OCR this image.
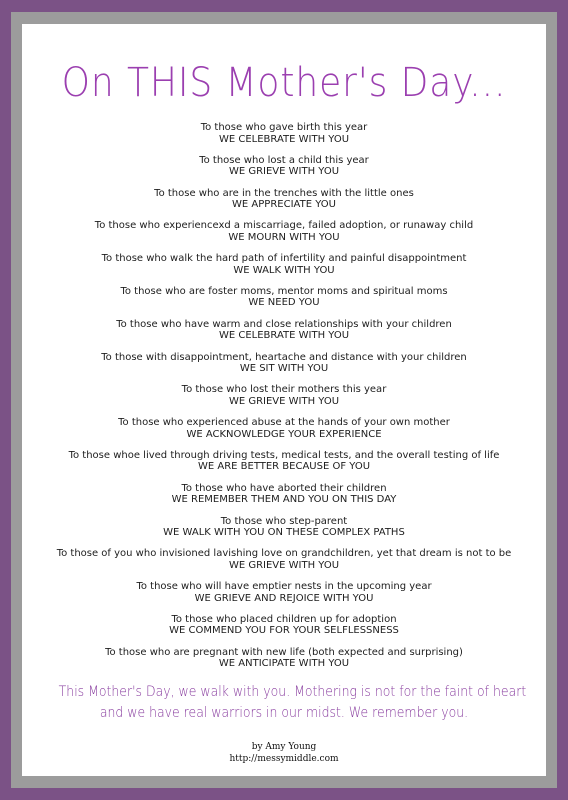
On THIS Mother's Day...
To those who gave birth this year
WE CELEBRATE WITH YOU
To those who lost a child this year
WE GRIEVE WITH YOU
To those who are in the trenches with the little ones
WE APPRECIATE YOU
To those who experiencexd a miscarriage, failed adoption, or runaway child
WE MOURN WITH YOU
To those who walk the hard path of infertility and painful disappointment
WE WALK WITH YOU
To those who are foster moms, mentor moms and spiritual moms
WE NEED YOU
To those who have warm and close relationships with your children
WE CELEBRATE WITH YOU
To those with disappointment, heartache and distance with your children
WE SIT WITH YOU
To those who lost their mothers this year
WE GRIEVE WITH YOU
To those who experienced abuse at the hands of your own mother
WE ACKNOWLEDGE YOUR EXPERIENCE
To those whoe lived through driving tests, medical tests, and the overall testing of life
WE ARE BETTER BECAUSE OF YOU
To those who have aborted their children
WE REMEMBER THEM AND YOU ON THIS DAY
To those who step-parent
WE WALK WITH YOU ON THESE COMPLEX PATHS
To those of you who invisioned lavishing love on grandchildren, yet that dream is not to be
WE GRIEVE WITH YOU
To those who will have emptier nests in the upcoming year
WE GRIEVE AND REJOICE WITH YOU
To those who placed children up for adoption
WE COMMEND YOU FOR YOUR SELFLESSNESS
To those who are pregnant with new life (both expected and surprising)
WE ANTICIPATE WITH YOU
This Mother's Day, we walk with you. Mothering is not for the faint of heart
and we have real warriors in our midst. We remember you.
by Amy Young
http://messymiddle.com
